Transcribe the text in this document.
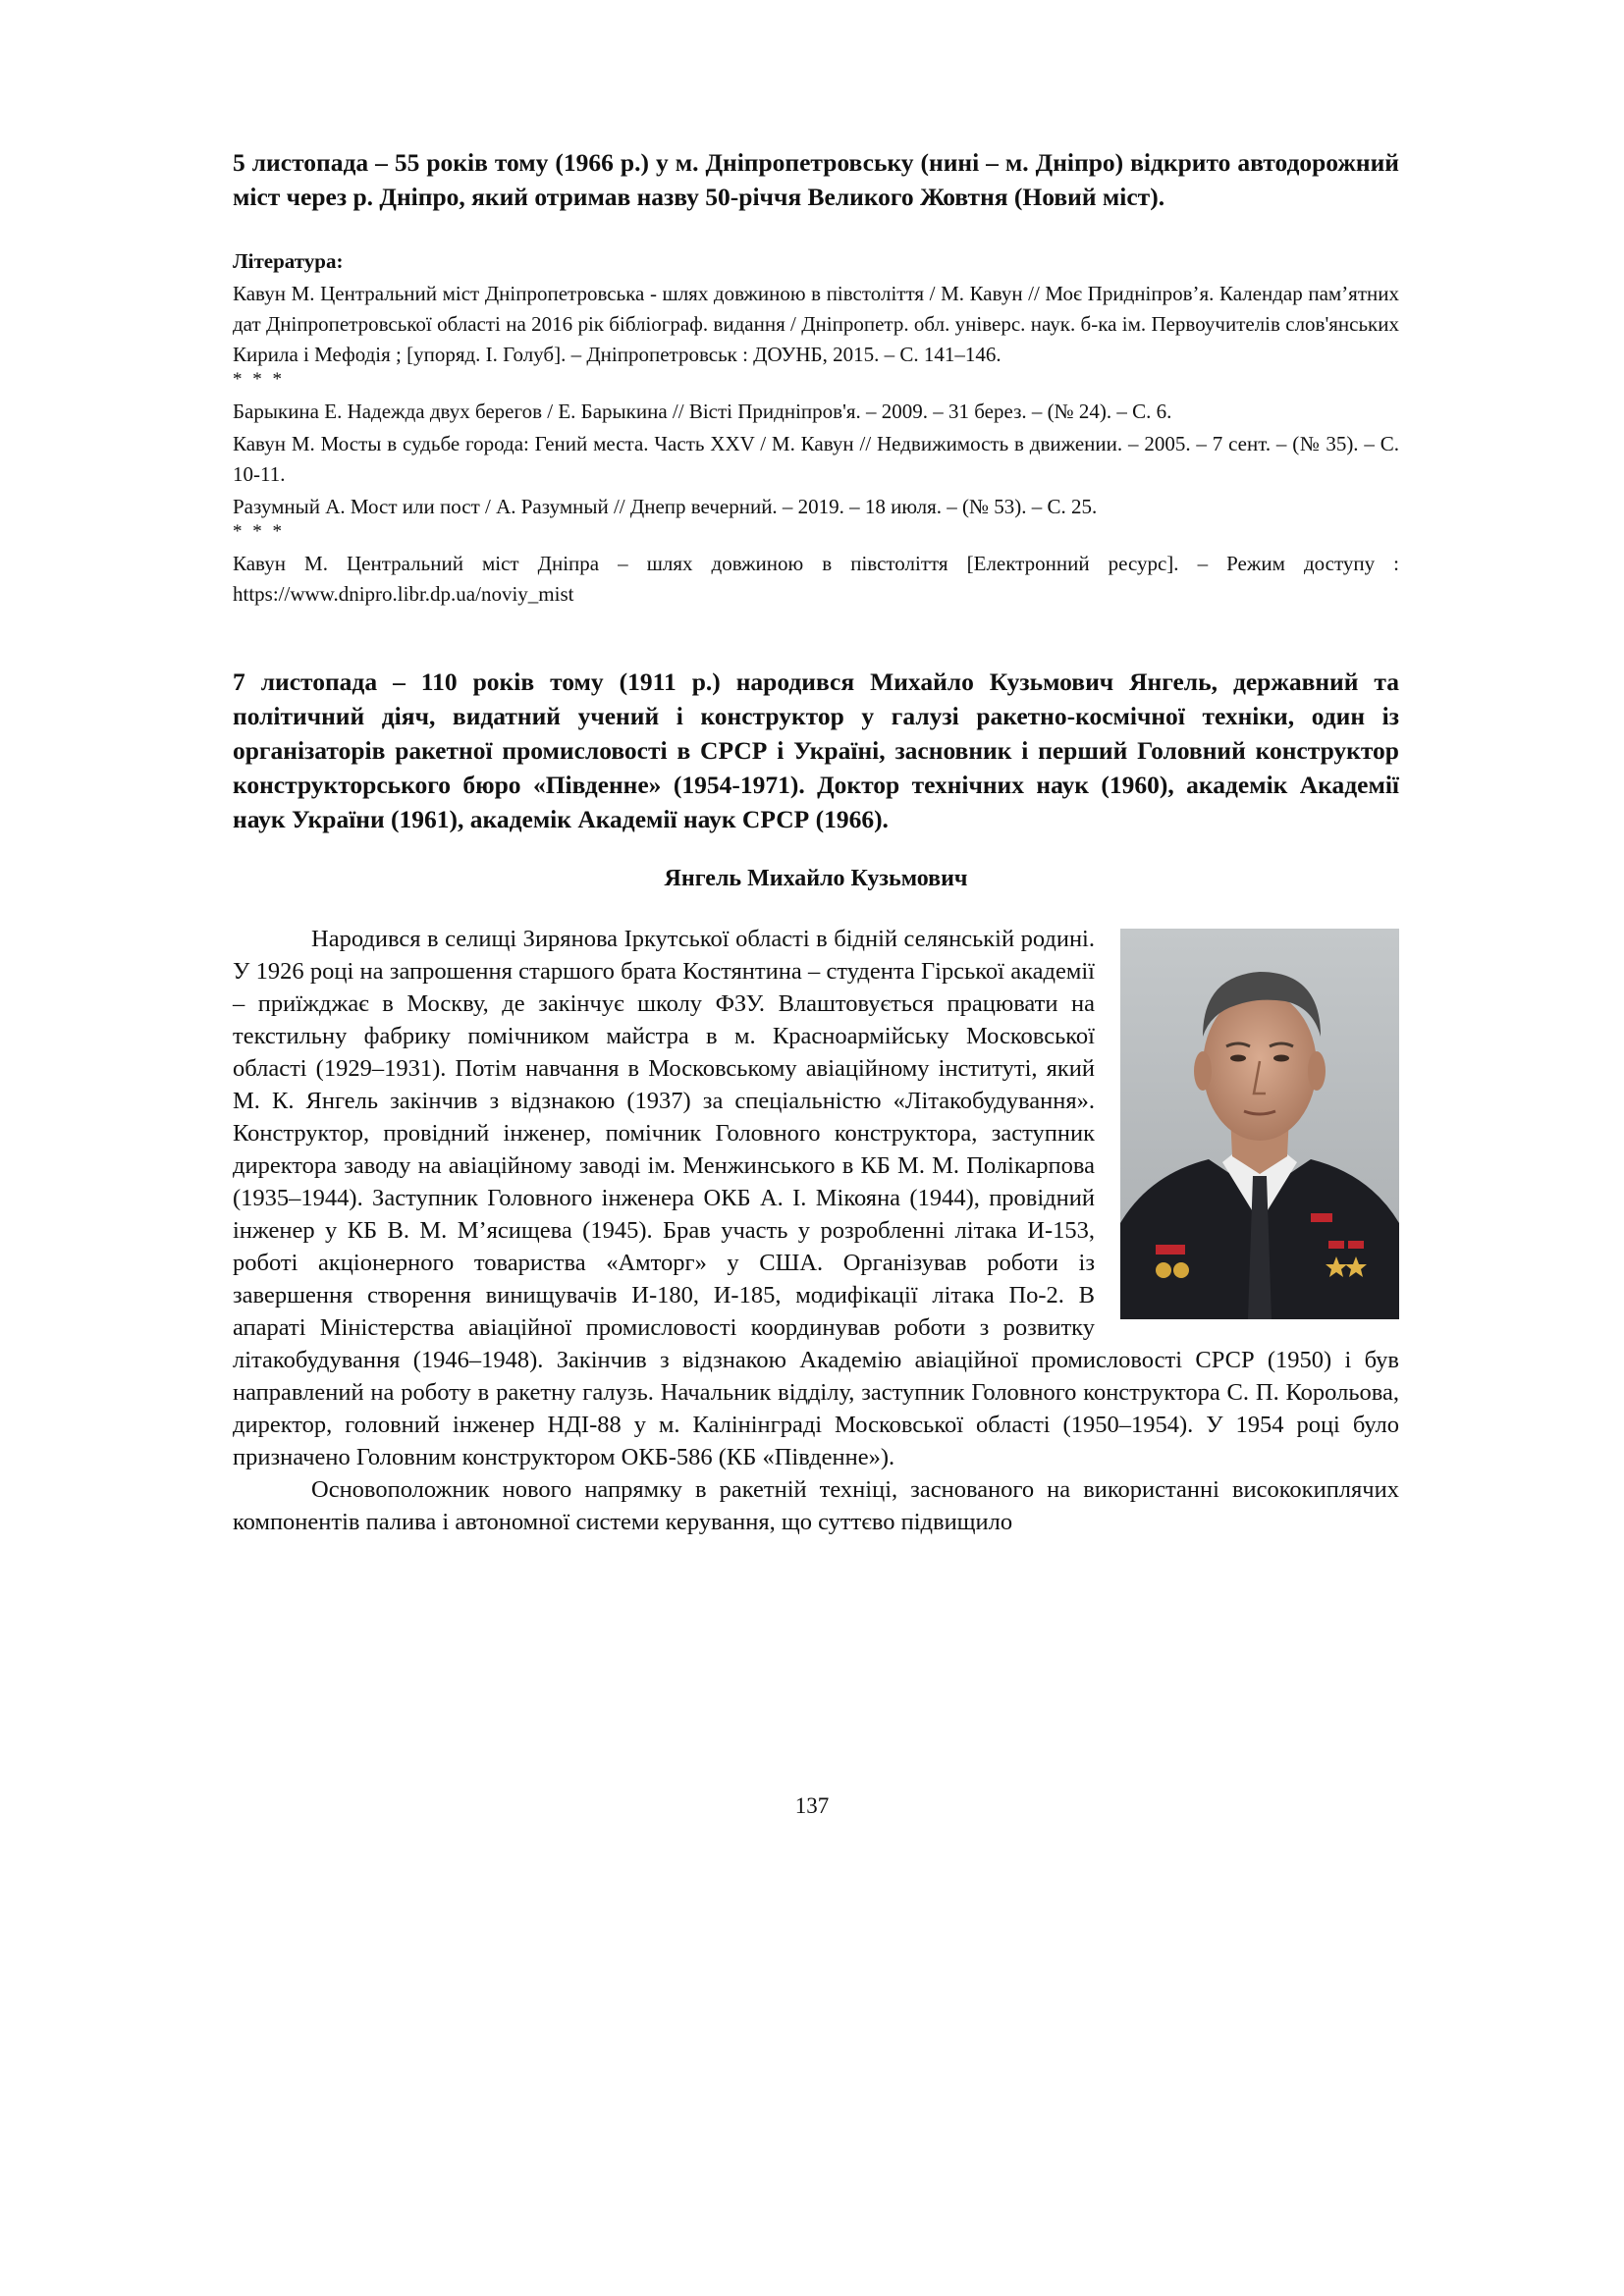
5 листопада – 55 років тому (1966 р.) у м. Дніпропетровську (нині – м. Дніпро) відкрито автодорожний міст через р. Дніпро, який отримав назву 50-річчя Великого Жовтня (Новий міст).

Література:

Кавун М. Центральний міст Дніпропетровська - шлях довжиною в півстоліття / М. Кавун // Моє Придніпров’я. Календар пам’ятних дат Дніпропетровської області на 2016 рік бібліограф. видання / Дніпропетр. обл. універс. наук. б-ка ім. Первоучителів слов'янських Кирила і Мефодія ; [упоряд. І. Голуб]. – Дніпропетровськ : ДОУНБ, 2015. – С. 141–146.

* * *

Барыкина Е. Надежда двух берегов / Е. Барыкина // Вісті Придніпров'я. – 2009. – 31 берез. – (№ 24). – С. 6.

Кавун М. Мосты в судьбе города: Гений места. Часть XXV / М. Кавун // Недвижимость в движении. – 2005. – 7 сент. – (№ 35). – С. 10-11.

Разумный А. Мост или пост / А. Разумный // Днепр вечерний. – 2019. – 18 июля. – (№ 53). – С. 25.

* * *

Кавун М. Центральний міст Дніпра – шлях довжиною в півстоліття [Електронний ресурс]. – Режим доступу : https://www.dnipro.libr.dp.ua/noviy_mist

7 листопада – 110 років тому (1911 р.) народився Михайло Кузьмович Янгель, державний та політичний діяч, видатний учений і конструктор у галузі ракетно-космічної техніки, один із організаторів ракетної промисловості в СРСР і Україні, засновник і перший Головний конструктор конструкторського бюро «Південне» (1954-1971). Доктор технічних наук (1960), академік Академії наук України (1961), академік Академії наук СРСР (1966).

Янгель Михайло Кузьмович

Народився в селищі Зирянова Іркутської області в бідній селянській родині. У 1926 році на запрошення старшого брата Костянтина – студента Гірської академії – приїжджає в Москву, де закінчує школу ФЗУ. Влаштовується працювати на текстильну фабрику помічником майстра в м. Красноармійську Московської області (1929–1931). Потім навчання в Московському авіаційному інституті, який М. К. Янгель закінчив з відзнакою (1937) за спеціальністю «Літакобудування». Конструктор, провідний інженер, помічник Головного конструктора, заступник директора заводу на авіаційному заводі ім. Менжинського в КБ М. М. Полікарпова (1935–1944). Заступник Головного інженера ОКБ А. І. Мікояна (1944), провідний інженер у КБ В. М. М’ясищева (1945). Брав участь у розробленні літака И-153, роботі акціонерного товариства «Амторг» у США. Організував роботи із завершення створення винищувачів И-180, И-185, модифікації літака По-2. В апараті Міністерства авіаційної промисловості координував роботи з розвитку літакобудування (1946–1948). Закінчив з відзнакою Академію авіаційної промисловості СРСР (1950) і був направлений на роботу в ракетну галузь. Начальник відділу, заступник Головного конструктора С. П. Корольова, директор, головний інженер НДІ-88 у м. Калінінграді Московської області (1950–1954). У 1954 році було призначено Головним конструктором ОКБ-586 (КБ «Південне»).

Основоположник нового напрямку в ракетній техніці, заснованого на використанні висококиплячих компонентів палива і автономної системи керування, що суттєво підвищило

137
